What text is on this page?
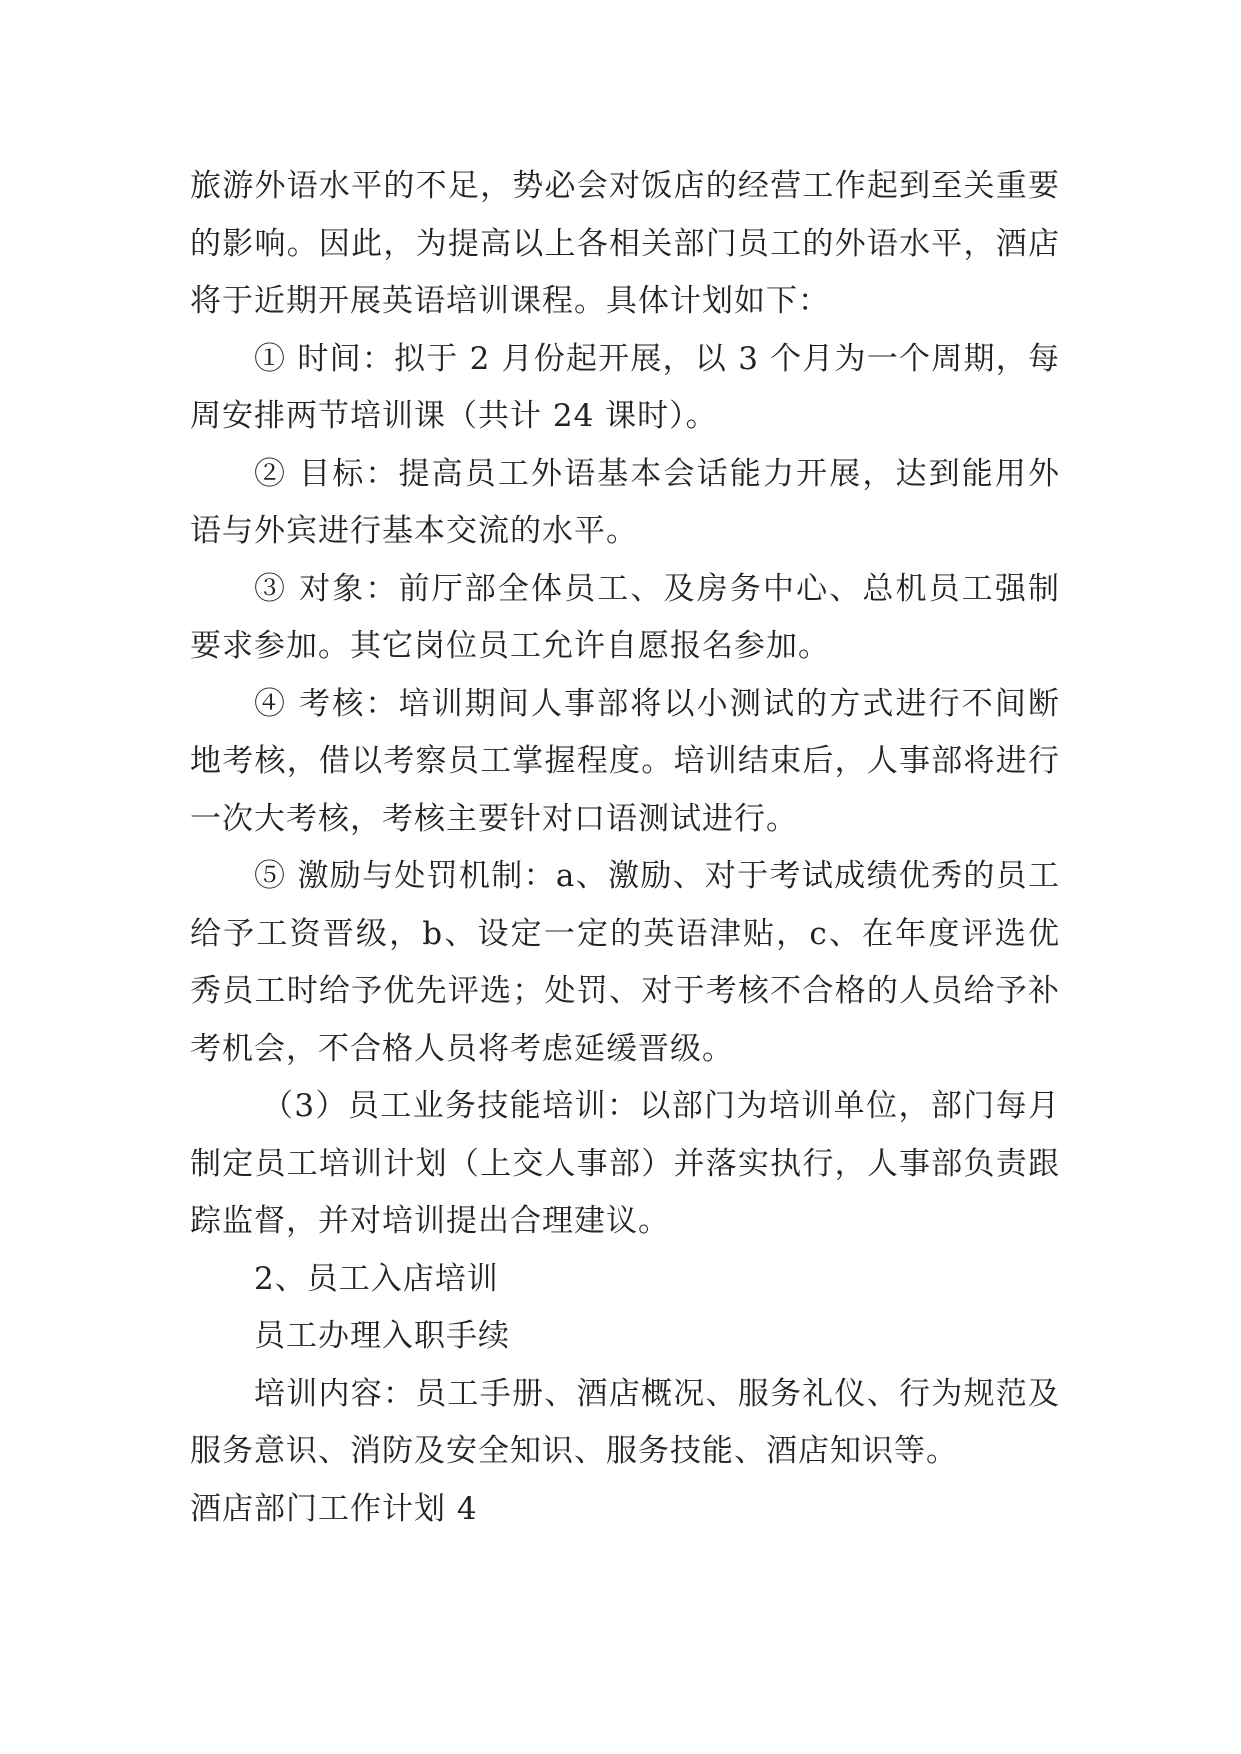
旅游外语水平的不足，势必会对饭店的经营工作起到至关重要的影响。因此，为提高以上各相关部门员工的外语水平，酒店将于近期开展英语培训课程。具体计划如下：

① 时间：拟于 2 月份起开展，以 3 个月为一个周期，每周安排两节培训课（共计 24 课时）。

② 目标：提高员工外语基本会话能力开展，达到能用外语与外宾进行基本交流的水平。

③ 对象：前厅部全体员工、及房务中心、总机员工强制要求参加。其它岗位员工允许自愿报名参加。

④ 考核：培训期间人事部将以小测试的方式进行不间断地考核，借以考察员工掌握程度。培训结束后，人事部将进行一次大考核，考核主要针对口语测试进行。

⑤ 激励与处罚机制：a、激励、对于考试成绩优秀的员工给予工资晋级，b、设定一定的英语津贴，c、在年度评选优秀员工时给予优先评选；处罚、对于考核不合格的人员给予补考机会，不合格人员将考虑延缓晋级。

（3）员工业务技能培训：以部门为培训单位，部门每月制定员工培训计划（上交人事部）并落实执行，人事部负责跟踪监督，并对培训提出合理建议。

2、员工入店培训

员工办理入职手续

培训内容：员工手册、酒店概况、服务礼仪、行为规范及服务意识、消防及安全知识、服务技能、酒店知识等。

酒店部门工作计划 4
